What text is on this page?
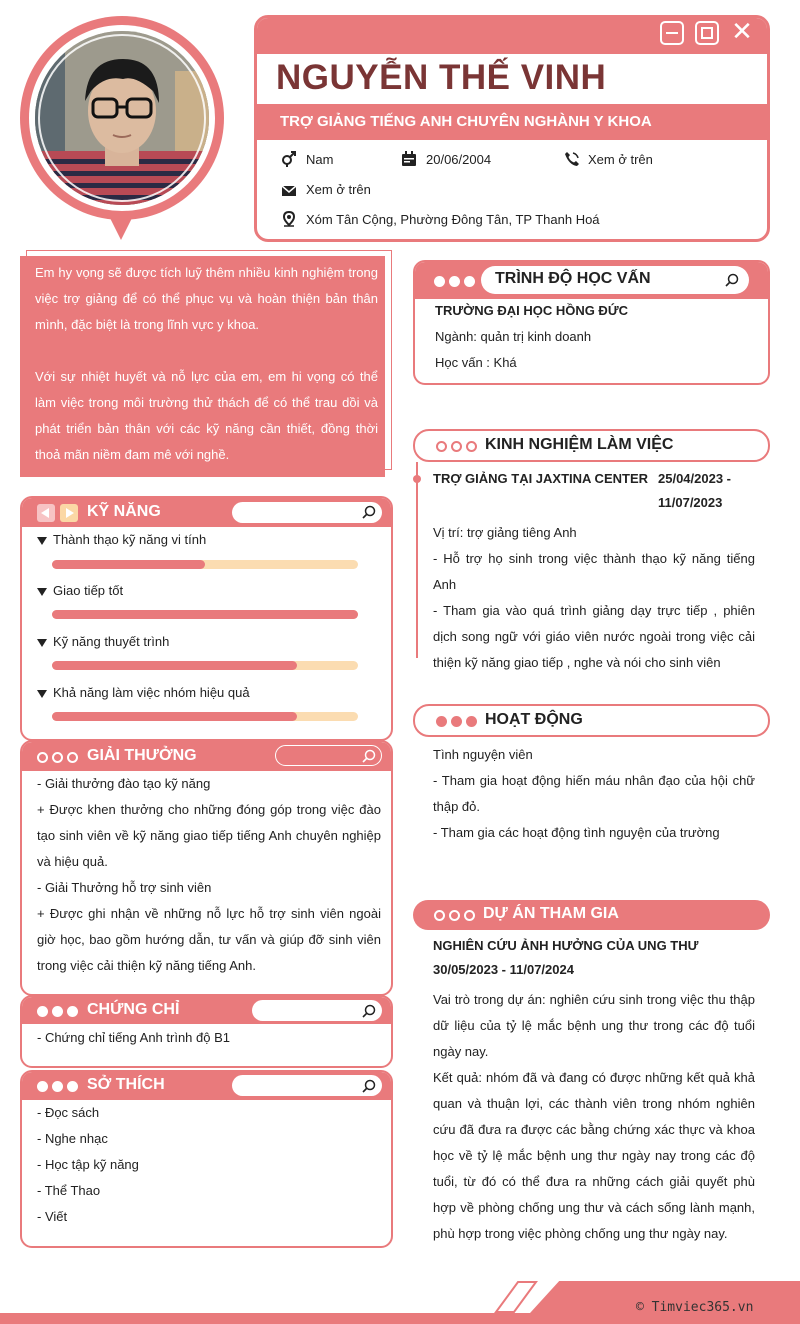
✕
NGUYỄN THẾ VINH
TRỢ GIẢNG TIẾNG ANH CHUYÊN NGHÀNH Y KHOA
Nam	20/06/2004	Xem ở trên
Xem ở trên
Xóm Tân Cộng, Phường Đông Tân, TP Thanh Hoá

Em hy vọng sẽ được tích luỹ thêm nhiều kinh nghiệm trong việc trợ giảng để có thể phục vụ và hoàn thiện bản thân mình, đặc biệt là trong lĩnh vực y khoa.

Với sự nhiệt huyết và nỗ lực của em, em hi vọng có thể làm việc trong môi trường thử thách để có thể trau dồi và phát triển bản thân với các kỹ năng cần thiết, đồng thời thoả mãn niềm đam mê với nghề.

KỸ NĂNG
Thành thạo kỹ năng vi tính
Giao tiếp tốt
Kỹ năng thuyết trình
Khả năng làm việc nhóm hiệu quả
GIẢI THƯỞNG

- Giải thưởng đào tạo kỹ năng

+ Được khen thưởng cho những đóng góp trong việc đào tạo sinh viên về kỹ năng giao tiếp tiếng Anh chuyên nghiệp và hiệu quả.

- Giải Thưởng hỗ trợ sinh viên

+ Được ghi nhận về những nỗ lực hỗ trợ sinh viên ngoài giờ học, bao gồm hướng dẫn, tư vấn và giúp đỡ sinh viên trong việc cải thiện kỹ năng tiếng Anh.

CHỨNG CHỈ
- Chứng chỉ tiếng Anh trình độ B1
SỞ THÍCH

- Đọc sách

- Nghe nhạc

- Học tập kỹ năng

- Thể Thao

- Viết

TRÌNH ĐỘ HỌC VẤN
TRƯỜNG ĐẠI HỌC HỒNG ĐỨC
Ngành: quản trị kinh doanh
Học vấn : Khá
KINH NGHIỆM LÀM VIỆC
TRỢ GIẢNG TẠI JAXTINA CENTER 25/04/2023 -
11/07/2023

Vị trí: trợ giảng tiêng Anh

- Hỗ trợ họ sinh trong việc thành thạo kỹ năng tiếng Anh

- Tham gia vào quá trình giảng dạy trực tiếp , phiên dịch song ngữ với giáo viên nước ngoài trong việc cải thiện kỹ năng giao tiếp , nghe và nói cho sinh viên

HOẠT ĐỘNG

Tình nguyện viên

- Tham gia hoạt động hiến máu nhân đạo của hội chữ thập đỏ.

- Tham gia các hoạt động tình nguyện của trường

DỰ ÁN THAM GIA
NGHIÊN CỨU ẢNH HƯỞNG CỦA UNG THƯ
30/05/2023 - 11/07/2024

Vai trò trong dự án: nghiên cứu sinh trong việc thu thập dữ liệu của tỷ lệ mắc bệnh ung thư trong các độ tuổi ngày nay.

Kết quả: nhóm đã và đang có được những kết quả khả quan và thuận lợi, các thành viên trong nhóm nghiên cứu đã đưa ra được các bằng chứng xác thực và khoa học về tỷ lệ mắc bệnh ung thư ngày nay trong các độ tuổi, từ đó có thể đưa ra những cách giải quyết phù hợp về phòng chống ung thư và cách sống lành mạnh, phù hợp trong việc phòng chống ung thư ngày nay.

© Timviec365.vn
